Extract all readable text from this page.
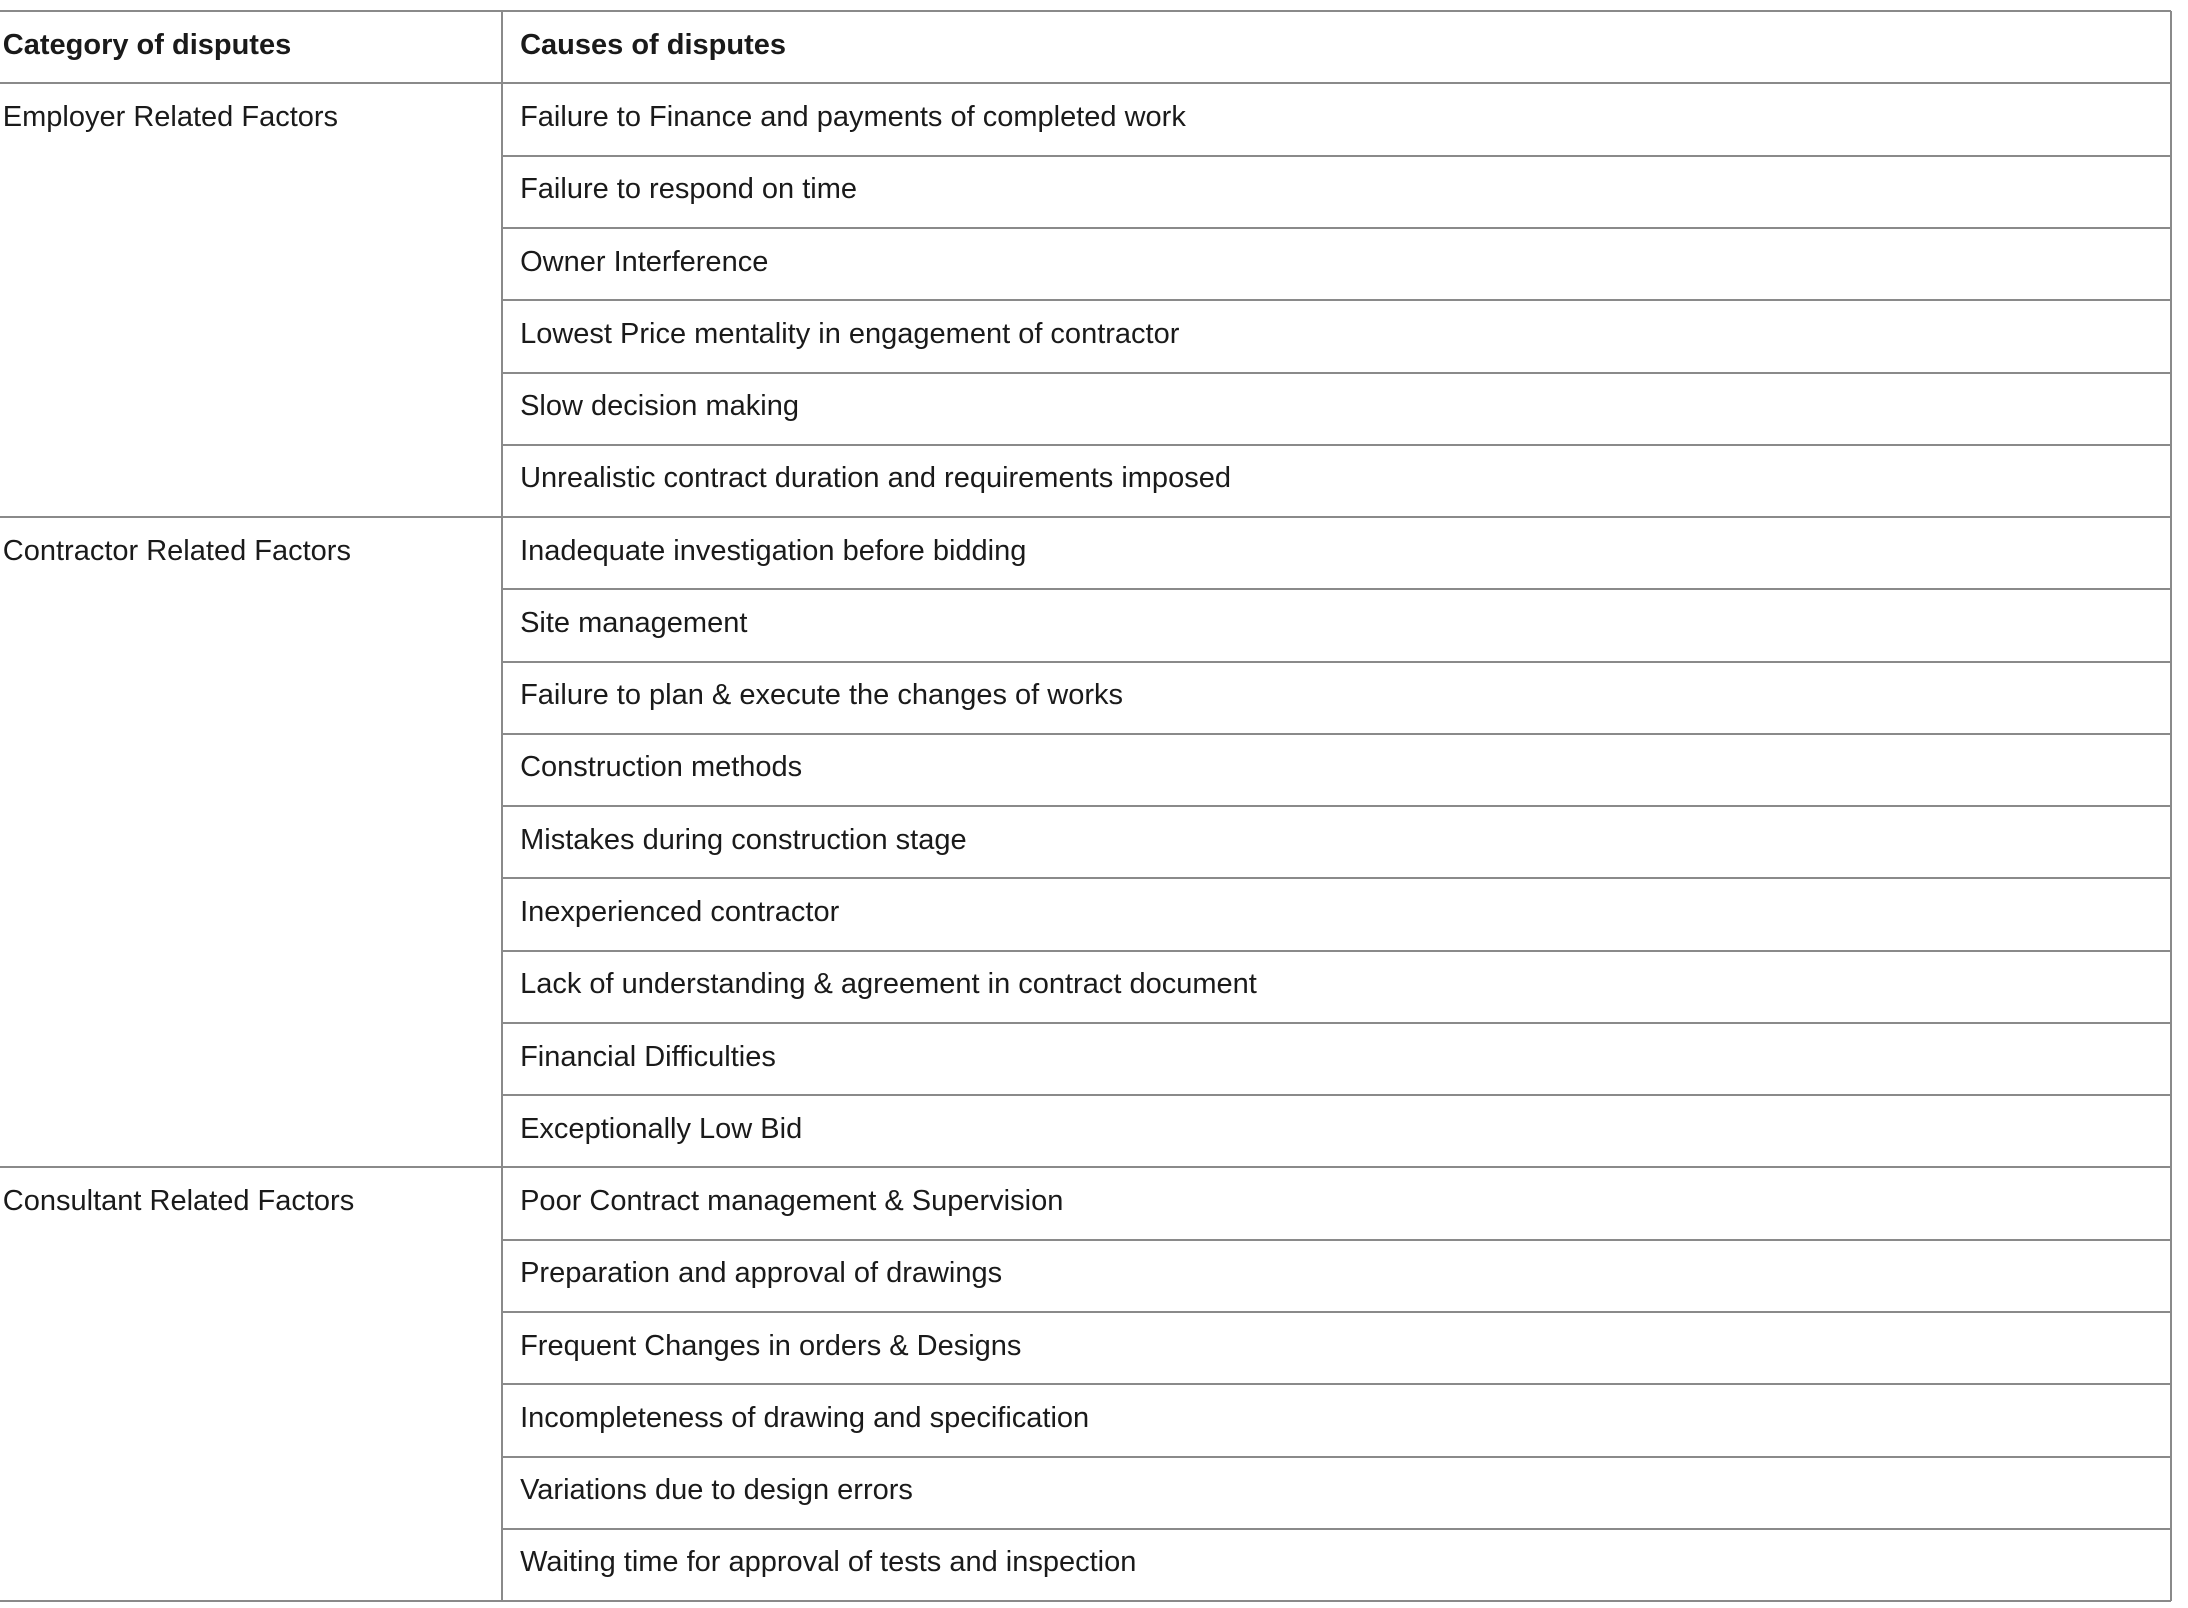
Category of disputes	Causes of disputes
Employer Related Factors	Failure to Finance and payments of completed work
Failure to respond on time
Owner Interference
Lowest Price mentality in engagement of contractor
Slow decision making
Unrealistic contract duration and requirements imposed
Contractor Related Factors	Inadequate investigation before bidding
Site management
Failure to plan & execute the changes of works
Construction methods
Mistakes during construction stage
Inexperienced contractor
Lack of understanding & agreement in contract document
Financial Difficulties
Exceptionally Low Bid
Consultant Related Factors	Poor Contract management & Supervision
Preparation and approval of drawings
Frequent Changes in orders & Designs
Incompleteness of drawing and specification
Variations due to design errors
Waiting time for approval of tests and inspection
